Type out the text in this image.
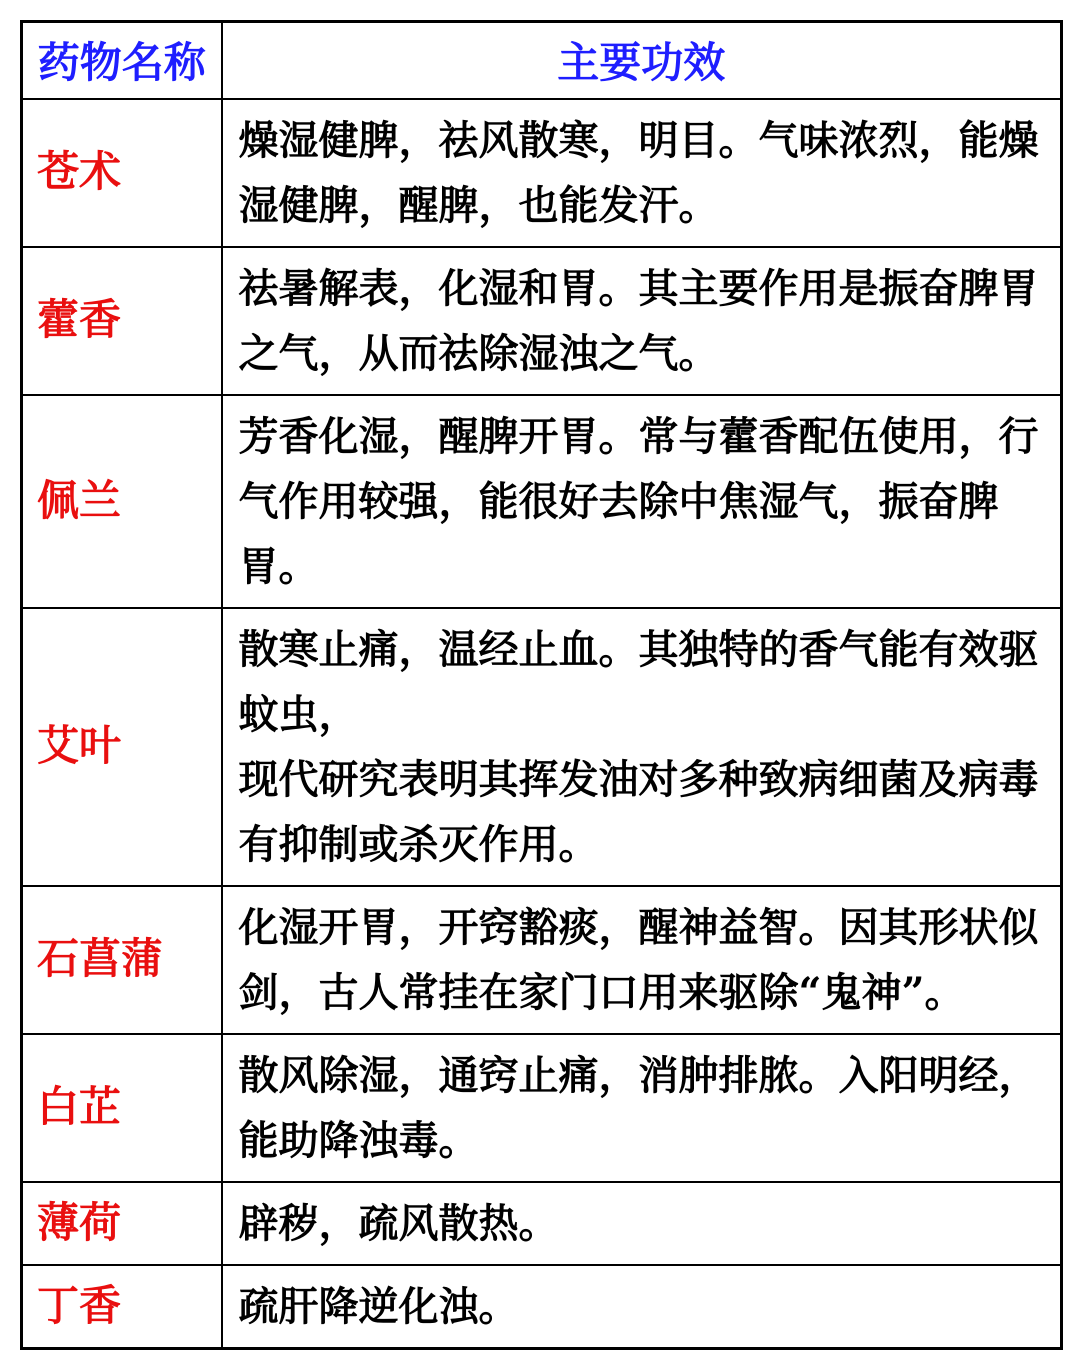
药物名称	主要功效
苍术	燥湿健脾，祛风散寒，明目。气味浓烈，能燥湿健脾，醒脾，也能发汗。

藿香	祛暑解表，化湿和胃。其主要作用是振奋脾胃之气，从而祛除湿浊之气。

佩兰	芳香化湿，醒脾开胃。常与藿香配伍使用，行气作用较强，能很好去除中焦湿气，振奋脾胃。

艾叶	散寒止痛，温经止血。其独特的香气能有效驱蚊虫，
现代研究表明其挥发油对多种致病细菌及病毒有抑制或杀灭作用。

石菖蒲	化湿开胃，开窍豁痰，醒神益智。因其形状似剑，古人常挂在家门口用来驱除“鬼神”。

白芷	散风除湿，通窍止痛，消肿排脓。入阳明经，能助降浊毒。

薄荷	辟秽，疏风散热。

丁香	疏肝降逆化浊。
